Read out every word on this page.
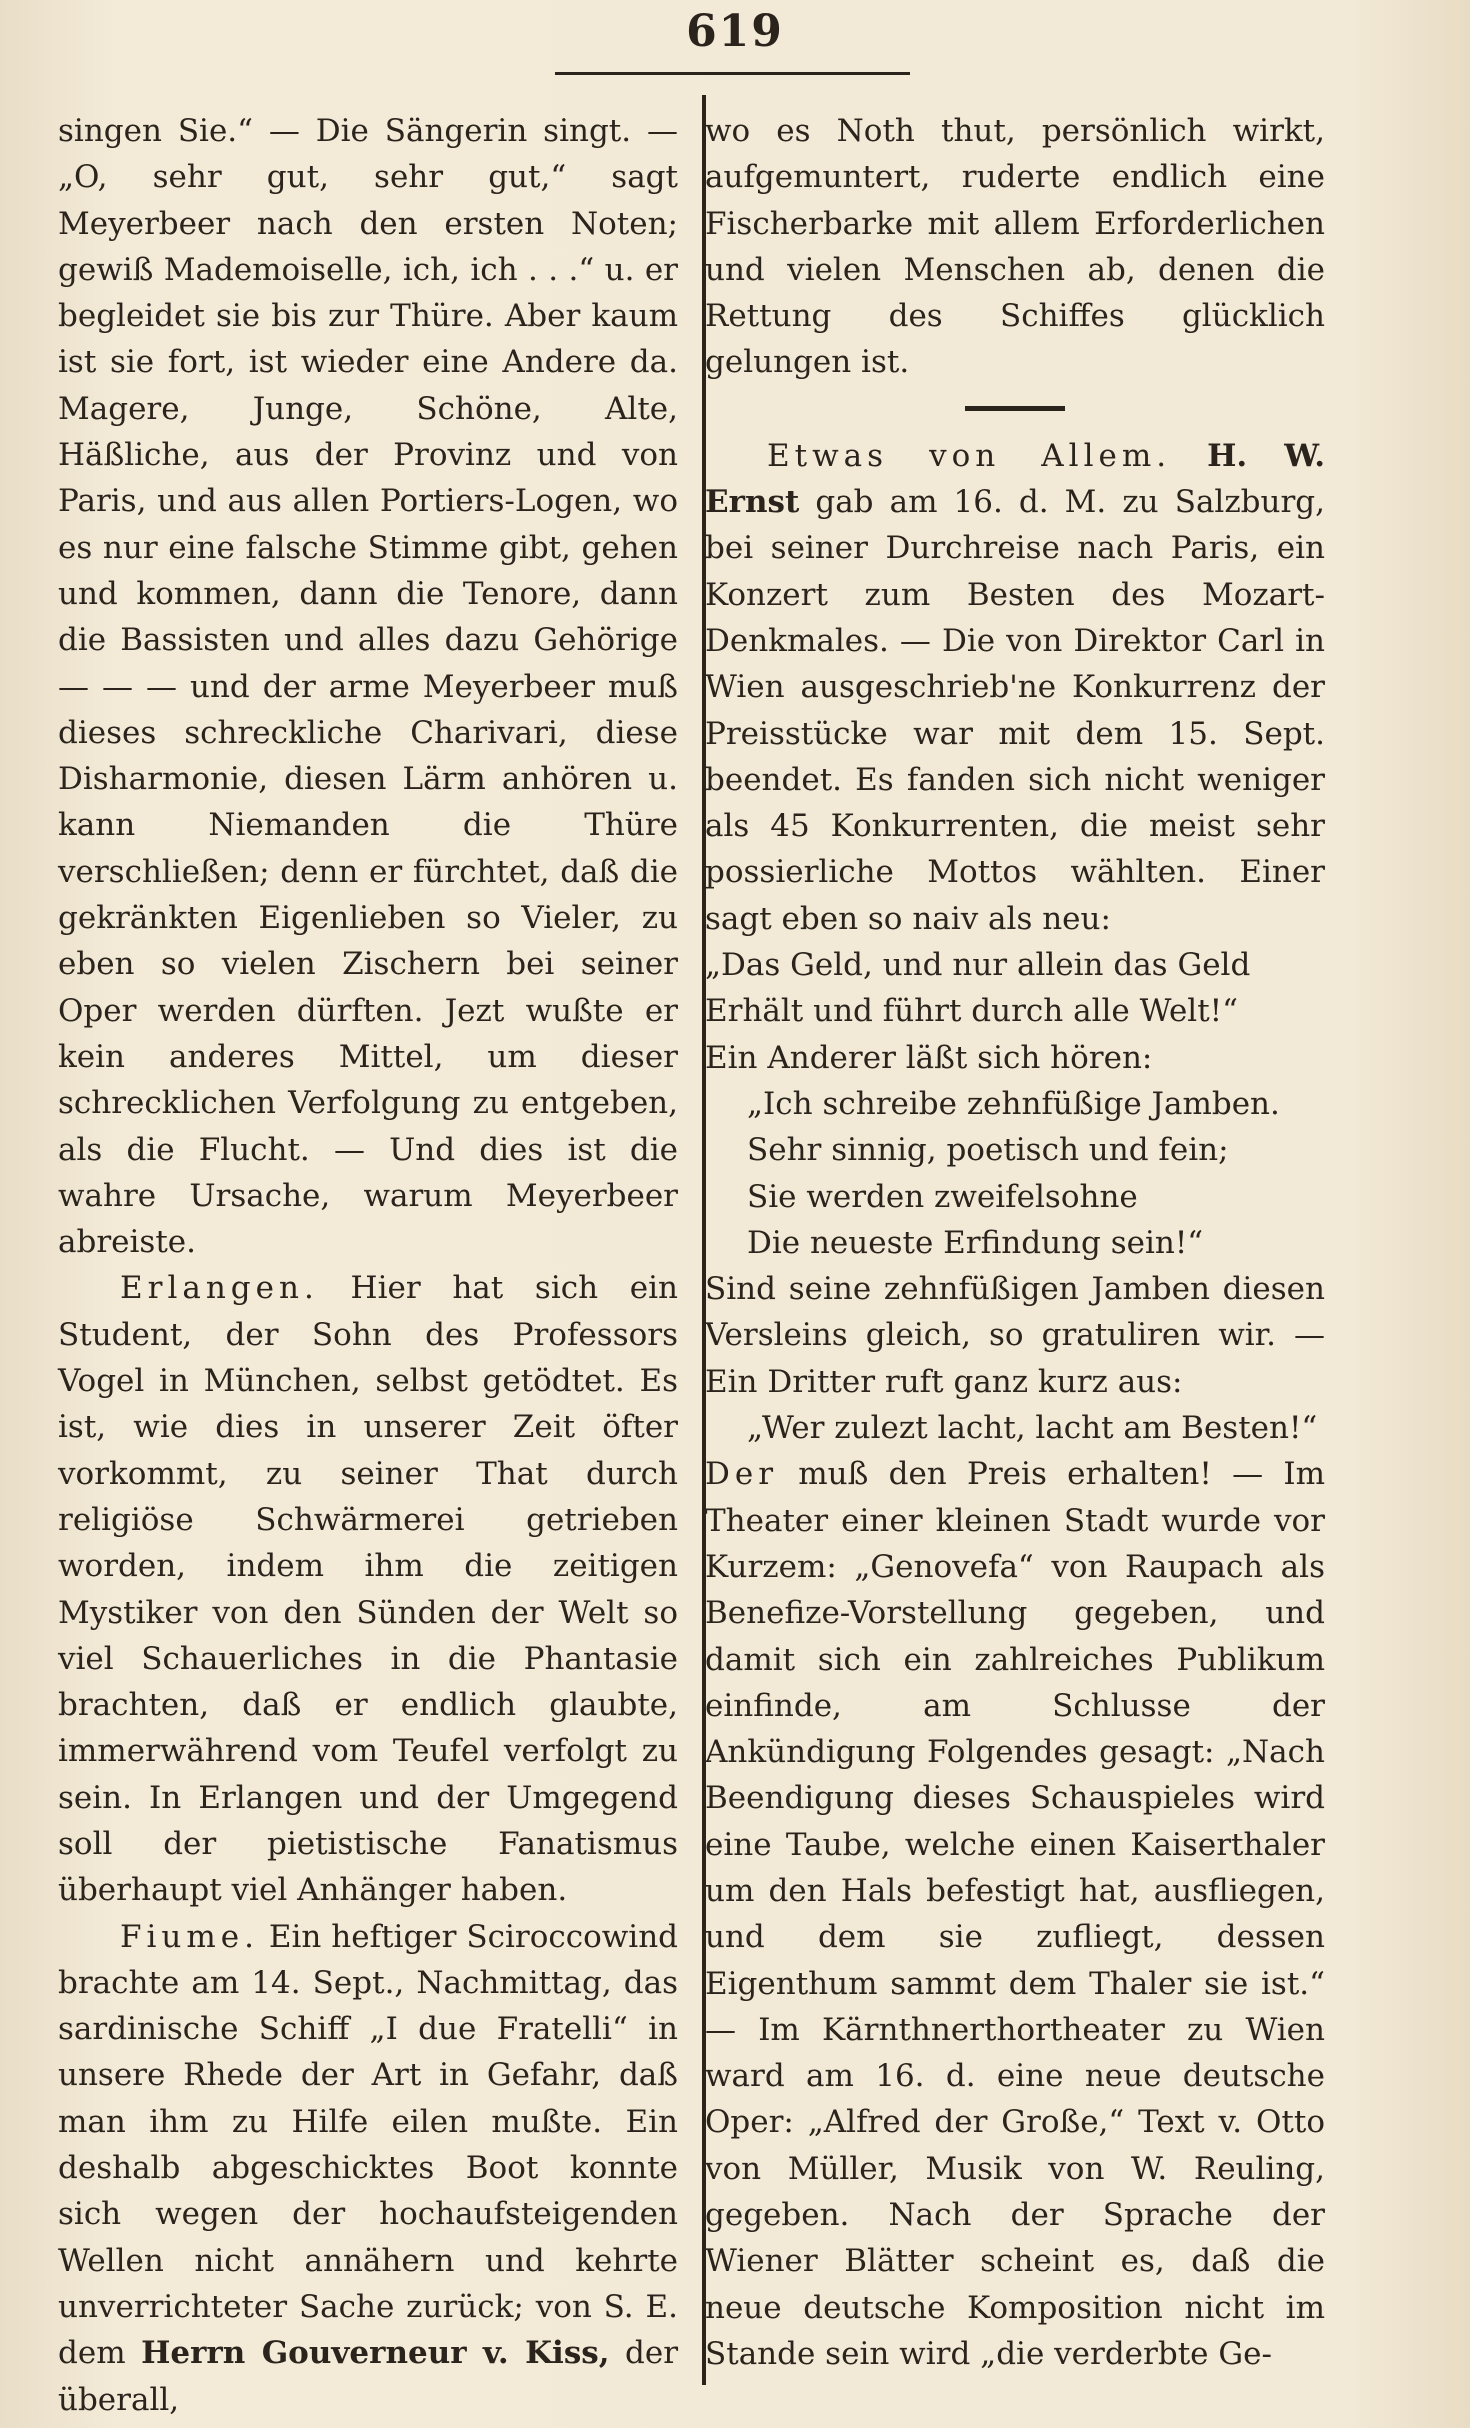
619

singen Sie.“ — Die Sängerin singt. — „O, sehr gut, sehr gut,“ sagt Meyerbeer nach den ersten Noten; gewiß Mademoiselle, ich, ich . . .“ u. er begleidet sie bis zur Thüre. Aber kaum ist sie fort, ist wieder eine Andere da. Magere, Junge, Schöne, Alte, Häßliche, aus der Provinz und von Paris, und aus allen Portiers-Logen, wo es nur eine falsche Stimme gibt, gehen und kommen, dann die Tenore, dann die Bassisten und alles dazu Gehörige — — — und der arme Meyerbeer muß dieses schreckliche Charivari, diese Disharmonie, diesen Lärm anhören u. kann Niemanden die Thüre verschließen; denn er fürchtet, daß die gekränkten Eigenlieben so Vieler, zu eben so vielen Zischern bei seiner Oper werden dürften. Jezt wußte er kein anderes Mittel, um dieser schrecklichen Verfolgung zu entgeben, als die Flucht. — Und dies ist die wahre Ursache, warum Meyerbeer abreiste.

Erlangen. Hier hat sich ein Student, der Sohn des Professors Vogel in München, selbst getödtet. Es ist, wie dies in unserer Zeit öfter vorkommt, zu seiner That durch religiöse Schwärmerei getrieben worden, indem ihm die zeitigen Mystiker von den Sünden der Welt so viel Schauerliches in die Phantasie brachten, daß er endlich glaubte, immerwährend vom Teufel verfolgt zu sein. In Erlangen und der Umgegend soll der pietistische Fanatismus überhaupt viel Anhänger haben.

Fiume. Ein heftiger Sciroccowind brachte am 14. Sept., Nachmittag, das sardinische Schiff „I due Fratelli“ in unsere Rhede der Art in Gefahr, daß man ihm zu Hilfe eilen mußte. Ein deshalb abgeschicktes Boot konnte sich wegen der hochaufsteigenden Wellen nicht annähern und kehrte unverrichteter Sache zurück; von S. E. dem Herrn Gouverneur v. Kiss, der überall,

wo es Noth thut, persönlich wirkt, aufgemuntert, ruderte endlich eine Fischerbarke mit allem Erforderlichen und vielen Menschen ab, denen die Rettung des Schiffes glücklich gelungen ist.

Etwas von Allem. H. W. Ernst gab am 16. d. M. zu Salzburg, bei seiner Durchreise nach Paris, ein Konzert zum Besten des Mozart-Denkmales. — Die von Direktor Carl in Wien ausgeschrieb'ne Konkurrenz der Preisstücke war mit dem 15. Sept. beendet. Es fanden sich nicht weniger als 45 Konkurrenten, die meist sehr possierliche Mottos wählten. Einer sagt eben so naiv als neu:

„Das Geld, und nur allein das Geld

Erhält und führt durch alle Welt!“

Ein Anderer läßt sich hören:

„Ich schreibe zehnfüßige Jamben.

Sehr sinnig, poetisch und fein;

Sie werden zweifelsohne

Die neueste Erfindung sein!“

Sind seine zehnfüßigen Jamben diesen Versleins gleich, so gratuliren wir. — Ein Dritter ruft ganz kurz aus:

„Wer zulezt lacht, lacht am Besten!“

Der muß den Preis erhalten! — Im Theater einer kleinen Stadt wurde vor Kurzem: „Genovefa“ von Raupach als Benefize-Vorstellung gegeben, und damit sich ein zahlreiches Publikum einfinde, am Schlusse der Ankündigung Folgendes gesagt: „Nach Beendigung dieses Schauspieles wird eine Taube, welche einen Kaiserthaler um den Hals befestigt hat, ausfliegen, und dem sie zufliegt, dessen Eigenthum sammt dem Thaler sie ist.“ — Im Kärnthnerthortheater zu Wien ward am 16. d. eine neue deutsche Oper: „Alfred der Große,“ Text v. Otto von Müller, Musik von W. Reuling, gegeben. Nach der Sprache der Wiener Blätter scheint es, daß die neue deutsche Komposition nicht im Stande sein wird „die verderbte Ge-
